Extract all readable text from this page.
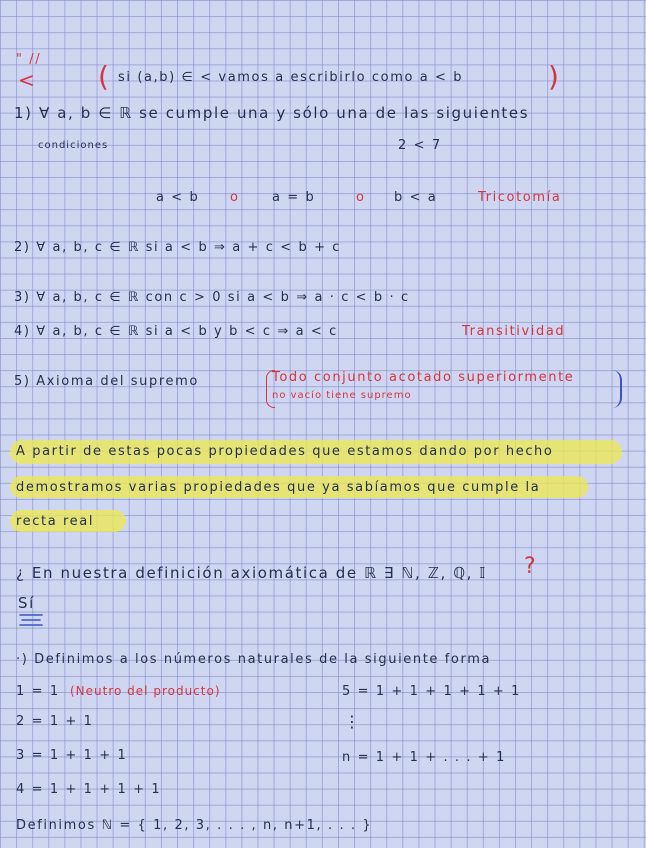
" //
< ( si (a,b) ∈ < vamos a escribirlo como a < b	)
1) ∀ a, b ∈ ℝ se cumple una y sólo una de las siguientes
condiciones	2 < 7
a < b o a = b	o b < a	Tricotomía
2) ∀ a, b, c ∈ ℝ si a < b ⇒ a + c < b + c
3) ∀ a, b, c ∈ ℝ con c > 0 si a < b ⇒ a · c < b · c
4) ∀ a, b, c ∈ ℝ si a < b y b < c ⇒ a < c	Transitividad
5) Axioma del supremo	Todo conjunto acotado superiormente
no vacío tiene supremo
A partir de estas pocas propiedades que estamos dando por hecho
demostramos varias propiedades que ya sabíamos que cumple la
recta real
¿ En nuestra definición axiomática de ℝ ∃ ℕ, ℤ, ℚ, 𝕀 ?
Sí
·) Definimos a los números naturales de la siguiente forma
1 = 1 (Neutro del producto)	5 = 1 + 1 + 1 + 1 + 1
2 = 1 + 1	⋮
3 = 1 + 1 + 1	n = 1 + 1 + . . . + 1
4 = 1 + 1 + 1 + 1
Definimos ℕ = { 1, 2, 3, . . . , n, n+1, . . . }
